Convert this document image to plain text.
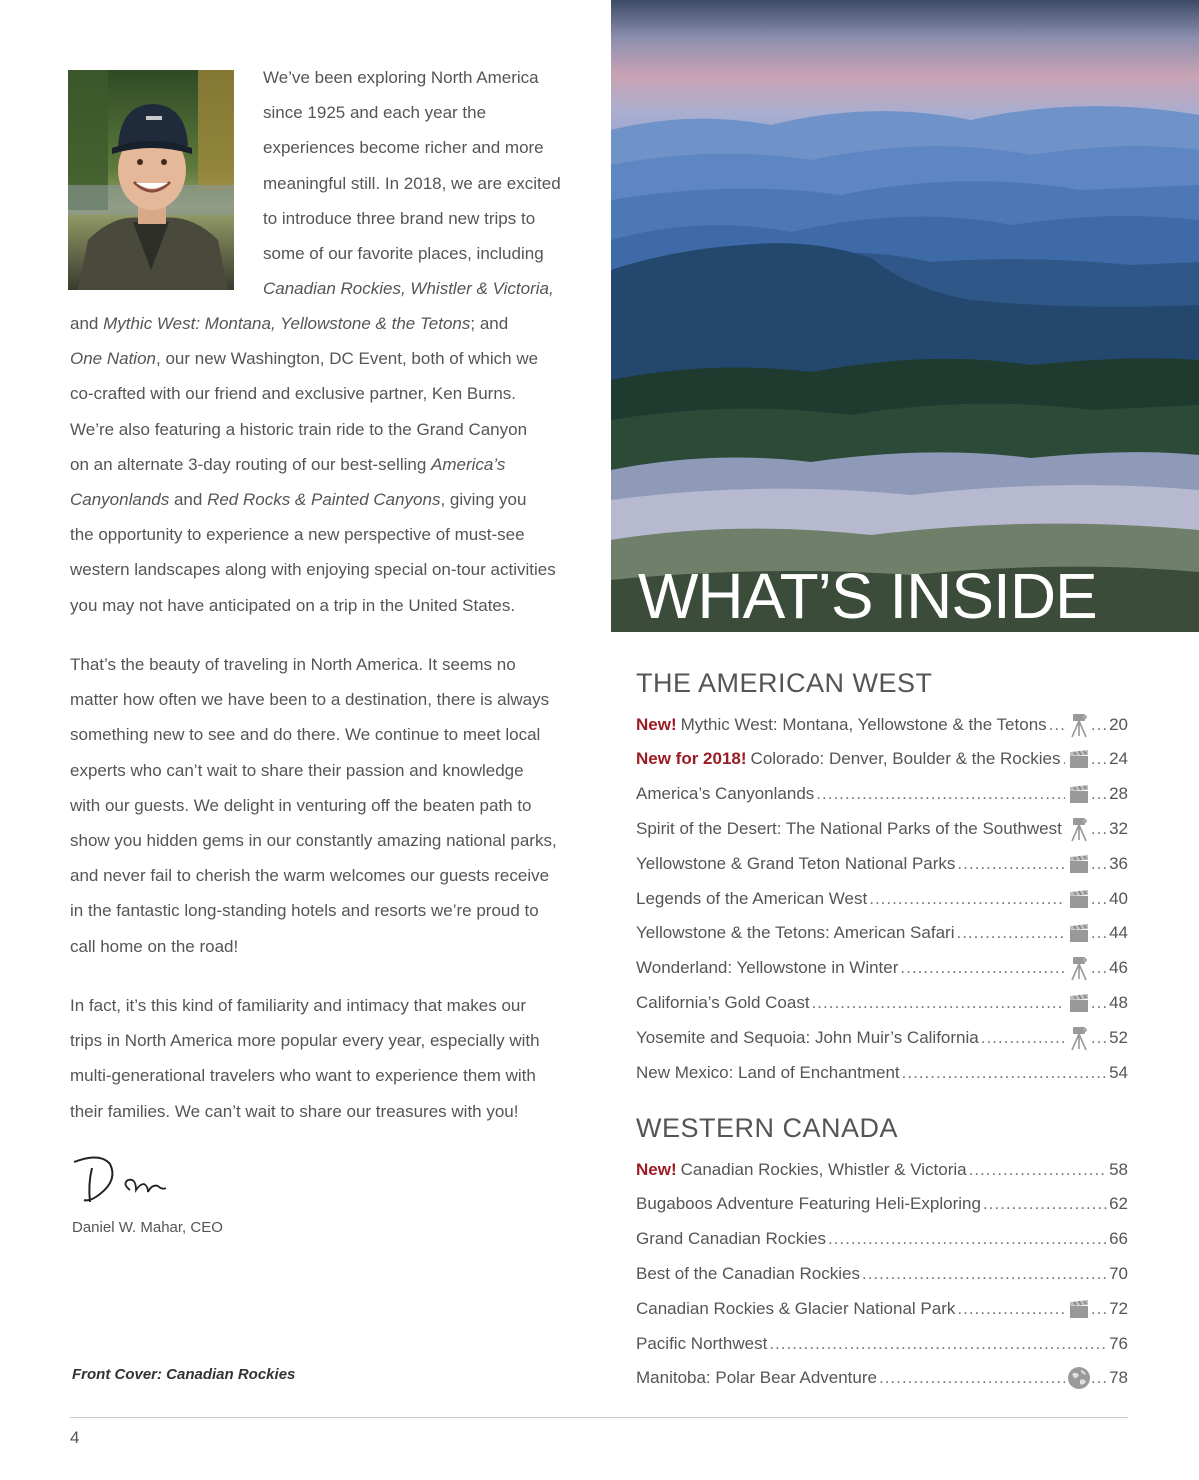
We’ve been exploring North America
since 1925 and each year the
experiences become richer and more
meaningful still. In 2018, we are excited
to introduce three brand new trips to
some of our favorite places, including
Canadian Rockies, Whistler & Victoria,
and Mythic West: Montana, Yellowstone & the Tetons; and
One Nation, our new Washington, DC Event, both of which we
co-crafted with our friend and exclusive partner, Ken Burns.
We’re also featuring a historic train ride to the Grand Canyon
on an alternate 3-day routing of our best-selling America’s
Canyonlands and Red Rocks & Painted Canyons, giving you
the opportunity to experience a new perspective of must-see
western landscapes along with enjoying special on-tour activities
you may not have anticipated on a trip in the United States.
That’s the beauty of traveling in North America. It seems no
matter how often we have been to a destination, there is always
something new to see and do there. We continue to meet local
experts who can’t wait to share their passion and knowledge
with our guests. We delight in venturing off the beaten path to
show you hidden gems in our constantly amazing national parks,
and never fail to cherish the warm welcomes our guests receive
in the fantastic long-standing hotels and resorts we’re proud to
call home on the road!
In fact, it’s this kind of familiarity and intimacy that makes our
trips in North America more popular every year, especially with
multi-generational travelers who want to experience them with
their families. We can’t wait to share our treasures with you!
Daniel W. Mahar, CEO
Front Cover: Canadian Rockies
4
WHAT’S INSIDE
THE AMERICAN WEST
New! Mythic West: Montana, Yellowstone & the Tetons .....	... 20
New for 2018! Colorado: Denver, Boulder & the Rockies ..... ... 24
America’s Canyonlands .....	... 28
Spirit of the Desert: The National Parks of the Southwest ..... ... 32
Yellowstone & Grand Teton National Parks .....	... 36
Legends of the American West .....	... 40
Yellowstone & the Tetons: American Safari .....	... 44
Wonderland: Yellowstone in Winter .....	... 46
California’s Gold Coast .....	... 48
Yosemite and Sequoia: John Muir’s California .....	... 52
New Mexico: Land of Enchantment .....	54
WESTERN CANADA
New! Canadian Rockies, Whistler & Victoria .....	58
Bugaboos Adventure Featuring Heli-Exploring .....	62
Grand Canadian Rockies .....	66
Best of the Canadian Rockies .....	70
Canadian Rockies & Glacier National Park .....	... 72
Pacific Northwest .....	76
Manitoba: Polar Bear Adventure .....	... 78
